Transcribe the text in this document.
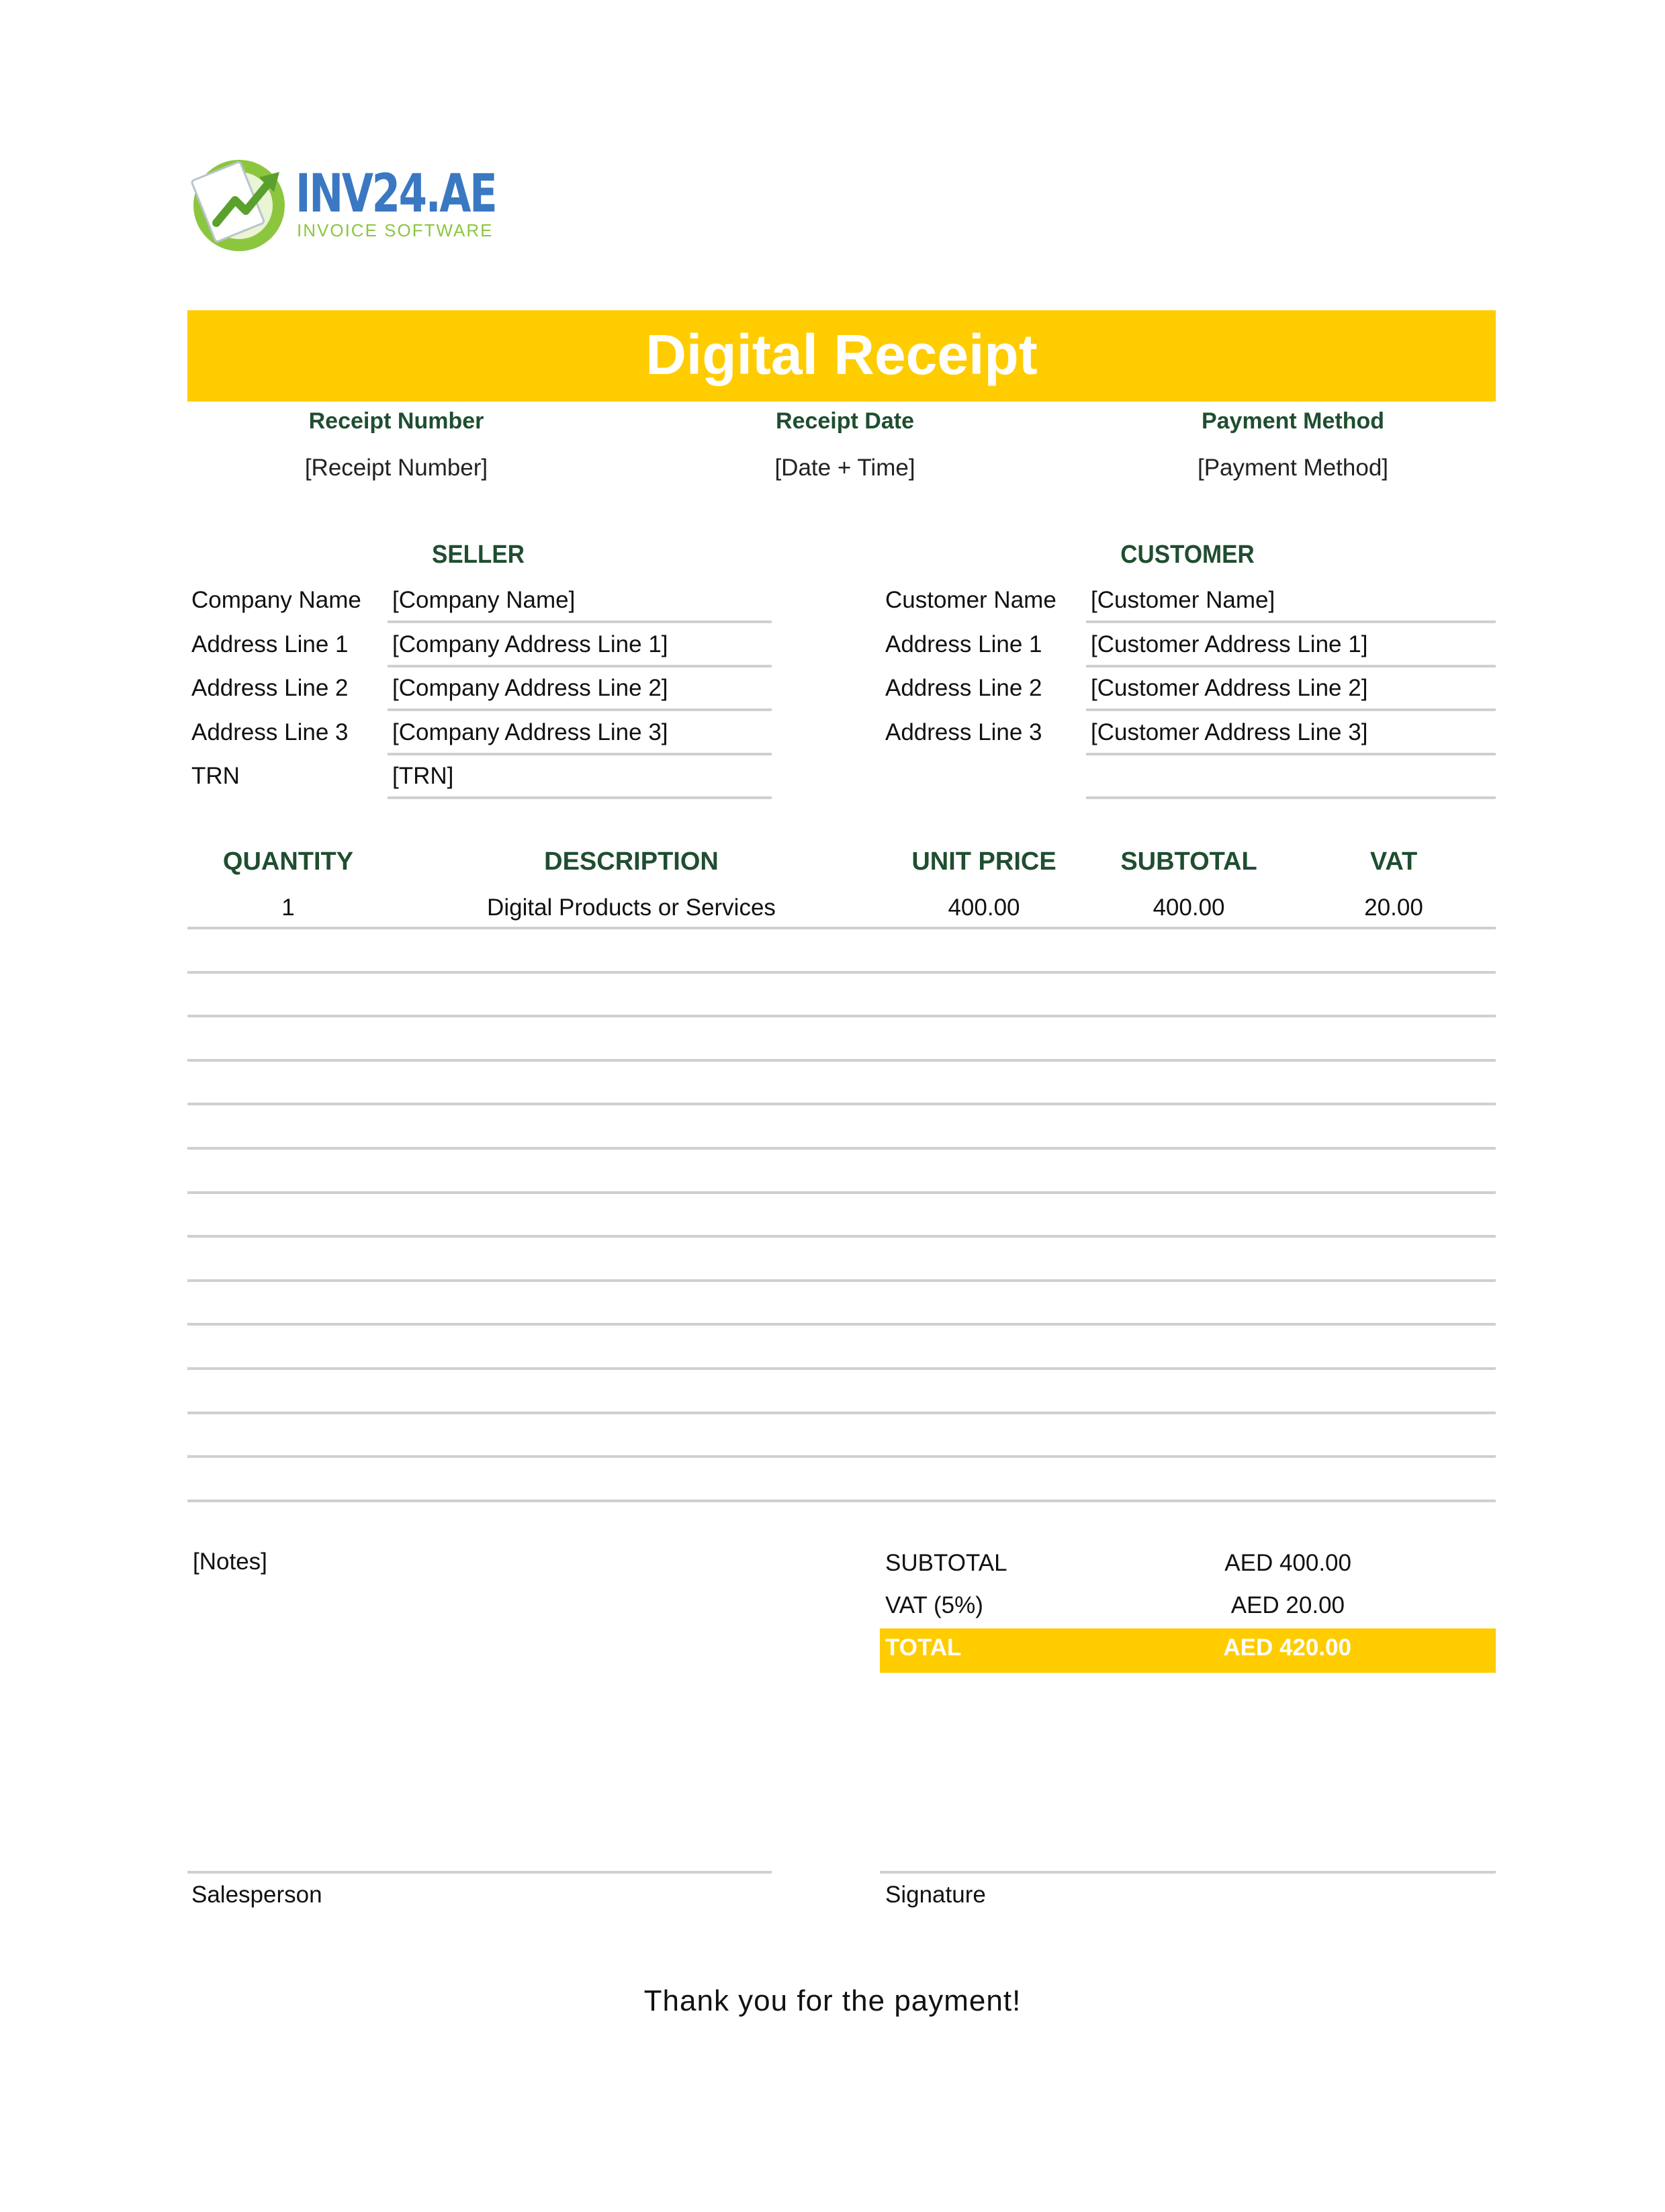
INV24.AE
INVOICE SOFTWARE
Digital Receipt
Receipt Number
[Receipt Number]
Receipt Date
[Date + Time]
Payment Method
[Payment Method]
SELLER
Company Name [Company Name]
Address Line 1 [Company Address Line 1]
Address Line 2 [Company Address Line 2]
Address Line 3 [Company Address Line 3]
TRN	[TRN]
CUSTOMER
Customer Name [Customer Name]
Address Line 1 [Customer Address Line 1]
Address Line 2 [Customer Address Line 2]
Address Line 3 [Customer Address Line 3]
QUANTITY	DESCRIPTION	UNIT PRICE	SUBTOTAL	VAT
1	Digital Products or Services	400.00	400.00	20.00
[Notes]	SUBTOTAL	AED 400.00
VAT (5%)	AED 20.00
TOTAL	AED 420.00
Salesperson	Signature
Thank you for the payment!
